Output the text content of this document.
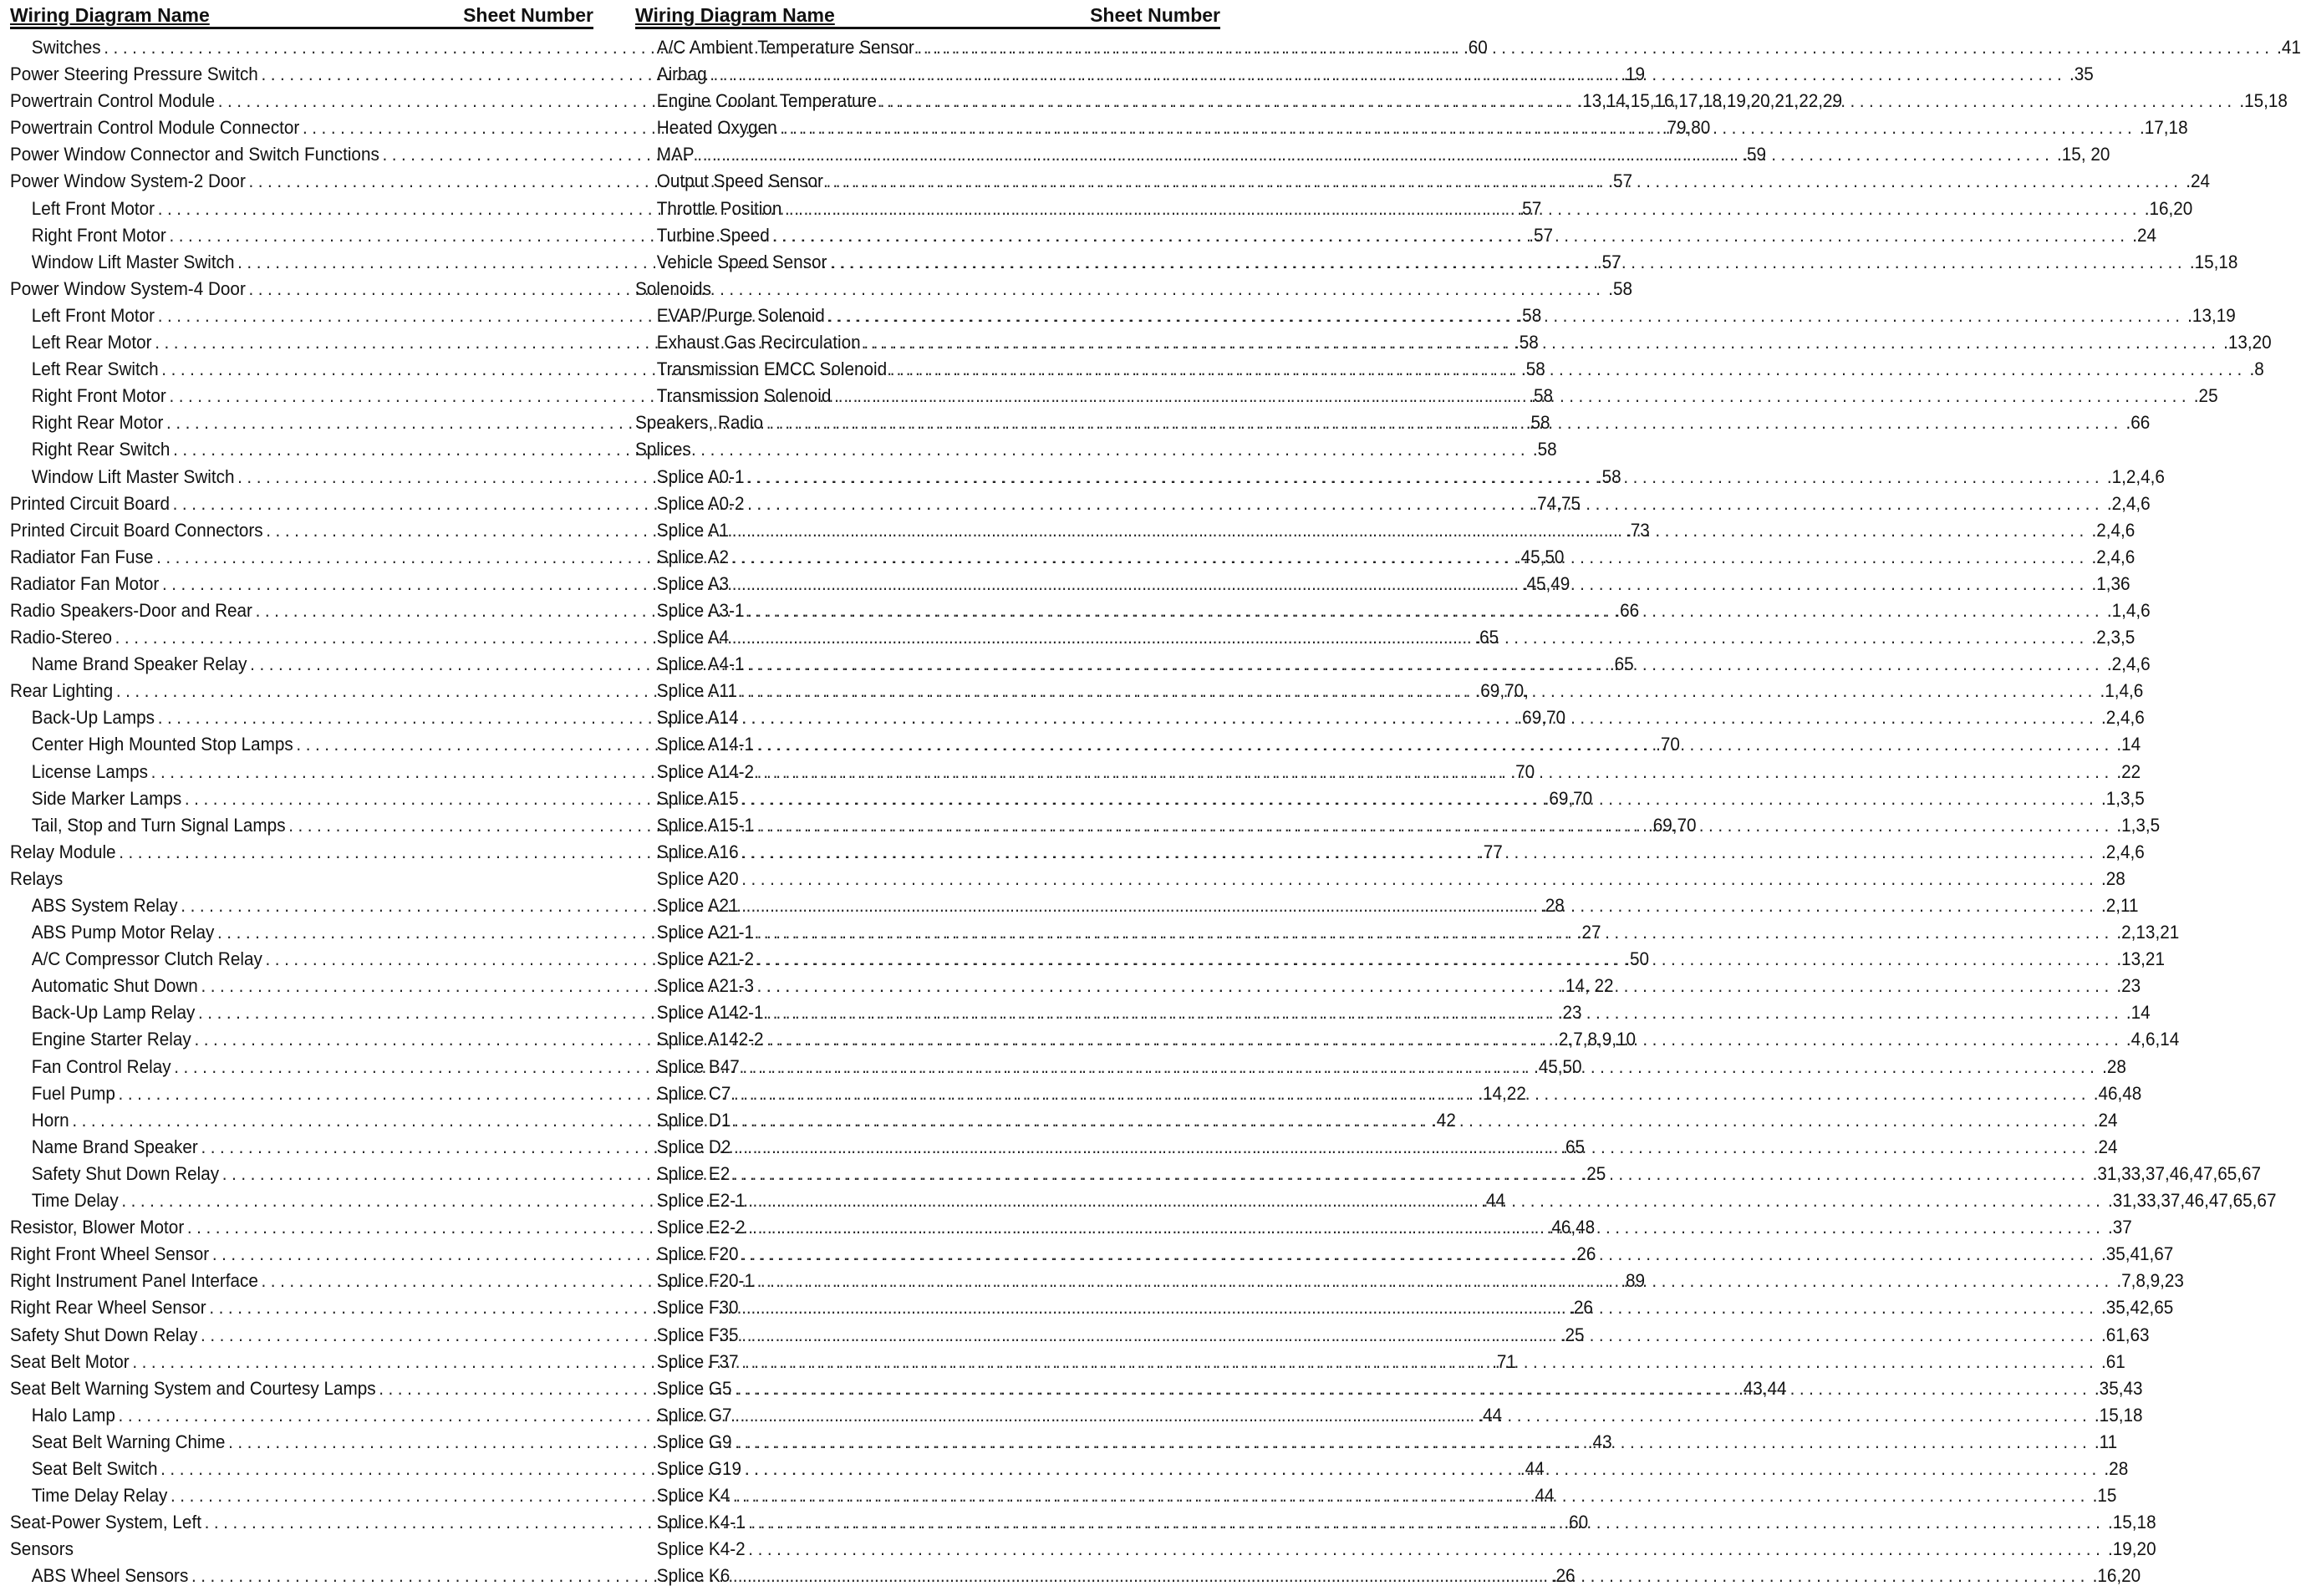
Wiring Diagram Name	Sheet Number
Switches .....	.60
Power Steering Pressure Switch .....	.19
Powertrain Control Module .....	.13,14,15,16,17,18,19,20,21,22,29
Powertrain Control Module Connector .....	.79,80
Power Window Connector and Switch Functions .....	.59
Power Window System-2 Door .....	.57
Left Front Motor .....	.57
Right Front Motor .....	.57
Window Lift Master Switch .....	.57
Power Window System-4 Door .....	.58
Left Front Motor .....	.58
Left Rear Motor .....	.58
Left Rear Switch .....	.58
Right Front Motor .....	.58
Right Rear Motor .....	.58
Right Rear Switch .....	.58
Window Lift Master Switch .....	.58
Printed Circuit Board .....	.74,75
Printed Circuit Board Connectors .....	.73
Radiator Fan Fuse .....	.45,50
Radiator Fan Motor .....	.45,49
Radio Speakers-Door and Rear .....	.66
Radio-Stereo .....	.65
Name Brand Speaker Relay .....	.65
Rear Lighting .....	.69,70,
Back-Up Lamps .....	.69,70
Center High Mounted Stop Lamps .....	.70
License Lamps .....	.70
Side Marker Lamps .....	.69,70
Tail, Stop and Turn Signal Lamps .....	.69,70
Relay Module .....	.77
Relays
ABS System Relay .....	.28
ABS Pump Motor Relay .....	.27
A/C Compressor Clutch Relay .....	.50
Automatic Shut Down .....	.14, 22
Back-Up Lamp Relay .....	.23
Engine Starter Relay .....	.2,7,8,9,10
Fan Control Relay .....	.45,50
Fuel Pump .....	.14,22
Horn .....	.42
Name Brand Speaker .....	.65
Safety Shut Down Relay .....	.25
Time Delay .....	.44
Resistor, Blower Motor .....	.46,48
Right Front Wheel Sensor .....	.26
Right Instrument Panel Interface .....	.89
Right Rear Wheel Sensor .....	.26
Safety Shut Down Relay .....	.25
Seat Belt Motor .....	.71
Seat Belt Warning System and Courtesy Lamps .....	.43,44
Halo Lamp .....	.44
Seat Belt Warning Chime .....	.43
Seat Belt Switch .....	.44
Time Delay Relay .....	.44
Seat-Power System, Left .....	.60
Sensors
ABS Wheel Sensors .....	.26
Wiring Diagram Name	Sheet Number
A/C Ambient Temperature Sensor .....	.41
Airbag .....	.35
Engine Coolant Temperature .....	.15,18
Heated Oxygen .....	.17,18
MAP .....	.15, 20
Output Speed Sensor .....	.24
Throttle Position .....	.16,20
Turbine Speed .....	.24
Vehicle Speed Sensor .....	.15,18
Solenoids
EVAP/Purge Solenoid .....	.13,19
Exhaust Gas Recirculation .....	.13,20
Transmission EMCC Solenoid .....	.8
Transmission Solenoid .....	.25
Speakers, Radio .....	.66
Splices
Splice A0-1 .....	.1,2,4,6
Splice A0-2 .....	.2,4,6
Splice A1 .....	.2,4,6
Splice A2 .....	.2,4,6
Splice A3 .....	.1,36
Splice A3-1 .....	.1,4,6
Splice A4 .....	.2,3,5
Splice A4-1 .....	.2,4,6
Splice A11 .....	.1,4,6
Splice A14 .....	.2,4,6
Splice A14-1 .....	.14
Splice A14-2 .....	.22
Splice A15 .....	.1,3,5
Splice A15-1 .....	.1,3,5
Splice A16 .....	.2,4,6
Splice A20 .....	.28
Splice A21 .....	.2,11
Splice A21-1 .....	.2,13,21
Splice A21-2 .....	.13,21
Splice A21-3 .....	.23
Splice A142-1 .....	.14
Splice A142-2 .....	.4,6,14
Splice B47 .....	.28
Splice C7 .....	.46,48
Splice D1 .....	.24
Splice D2 .....	.24
Splice E2 .....	.31,33,37,46,47,65,67
Splice E2-1 .....	.31,33,37,46,47,65,67
Splice E2-2 .....	.37
Splice F20 .....	.35,41,67
Splice F20-1 .....	.7,8,9,23
Splice F30 .....	.35,42,65
Splice F35 .....	.61,63
Splice F37 .....	.61
Splice G5 .....	.35,43
Splice G7 .....	.15,18
Splice G9 .....	.11
Splice G19 .....	.28
Splice K4 .....	.15
Splice K4-1 .....	.15,18
Splice K4-2 .....	.19,20
Splice K6 .....	.16,20
